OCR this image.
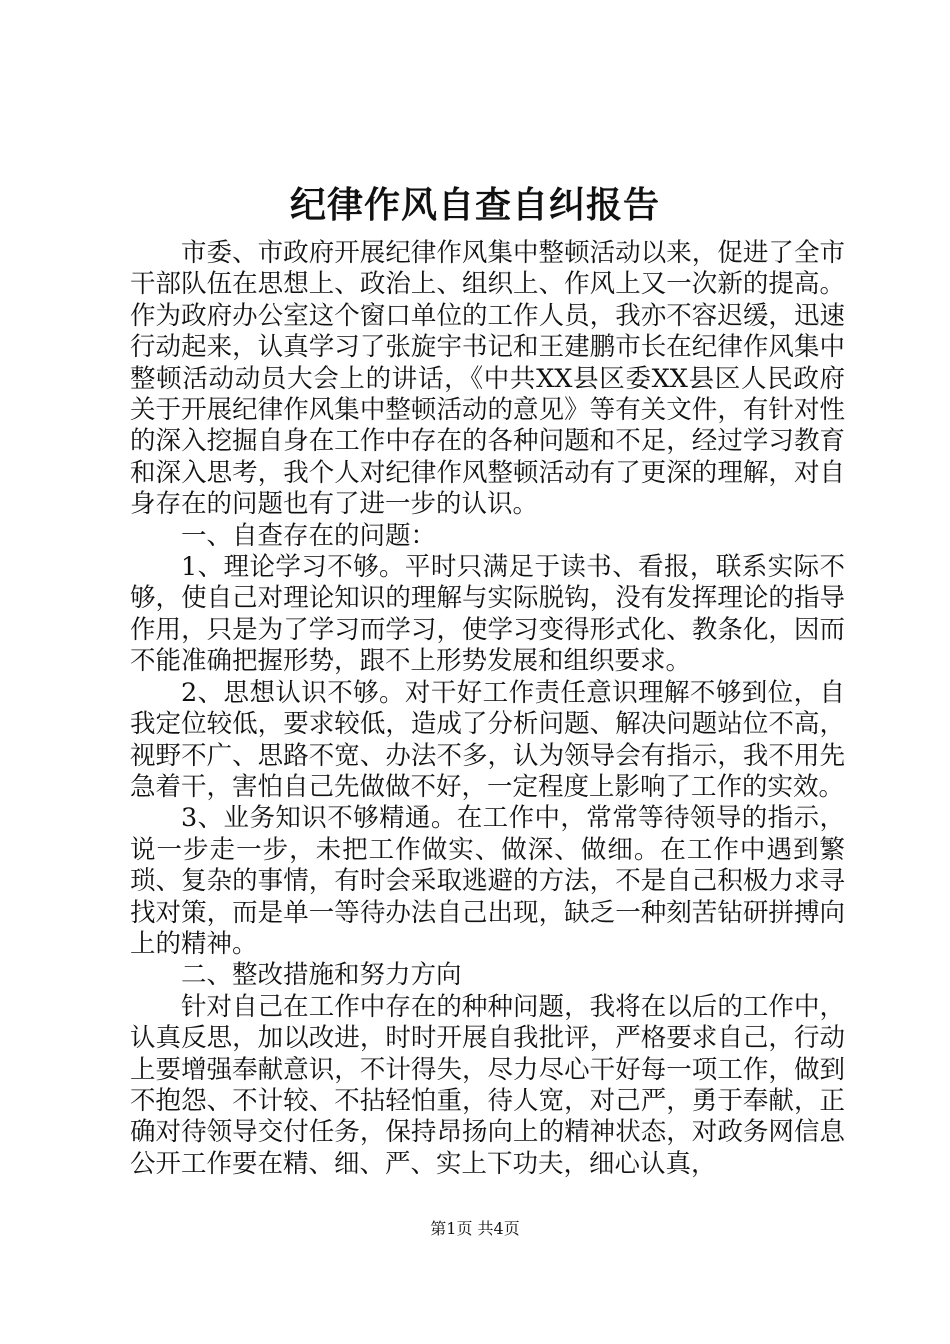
纪律作风自查自纠报告

市委、市政府开展纪律作风集中整顿活动以来，促进了全市干部队伍在思想上、政治上、组织上、作风上又一次新的提高。作为政府办公室这个窗口单位的工作人员，我亦不容迟缓，迅速行动起来，认真学习了张旋宇书记和王建鹏市长在纪律作风集中整顿活动动员大会上的讲话，《中共XX县区委XX县区人民政府关于开展纪律作风集中整顿活动的意见》等有关文件，有针对性的深入挖掘自身在工作中存在的各种问题和不足，经过学习教育和深入思考，我个人对纪律作风整顿活动有了更深的理解，对自身存在的问题也有了进一步的认识。

一、自查存在的问题：

1、理论学习不够。平时只满足于读书、看报，联系实际不够，使自己对理论知识的理解与实际脱钩，没有发挥理论的指导作用，只是为了学习而学习，使学习变得形式化、教条化，因而不能准确把握形势，跟不上形势发展和组织要求。

2、思想认识不够。对干好工作责任意识理解不够到位，自我定位较低，要求较低，造成了分析问题、解决问题站位不高，视野不广、思路不宽、办法不多，认为领导会有指示，我不用先急着干，害怕自己先做做不好，一定程度上影响了工作的实效。

3、业务知识不够精通。在工作中，常常等待领导的指示，说一步走一步，未把工作做实、做深、做细。在工作中遇到繁琐、复杂的事情，有时会采取逃避的方法，不是自己积极力求寻找对策，而是单一等待办法自己出现，缺乏一种刻苦钻研拼搏向上的精神。

二、整改措施和努力方向

针对自己在工作中存在的种种问题，我将在以后的工作中，认真反思，加以改进，时时开展自我批评，严格要求自己，行动上要增强奉献意识，不计得失，尽力尽心干好每一项工作，做到不抱怨、不计较、不拈轻怕重，待人宽，对己严，勇于奉献，正确对待领导交付任务，保持昂扬向上的精神状态，对政务网信息公开工作要在精、细、严、实上下功夫，细心认真，

第1页 共4页
